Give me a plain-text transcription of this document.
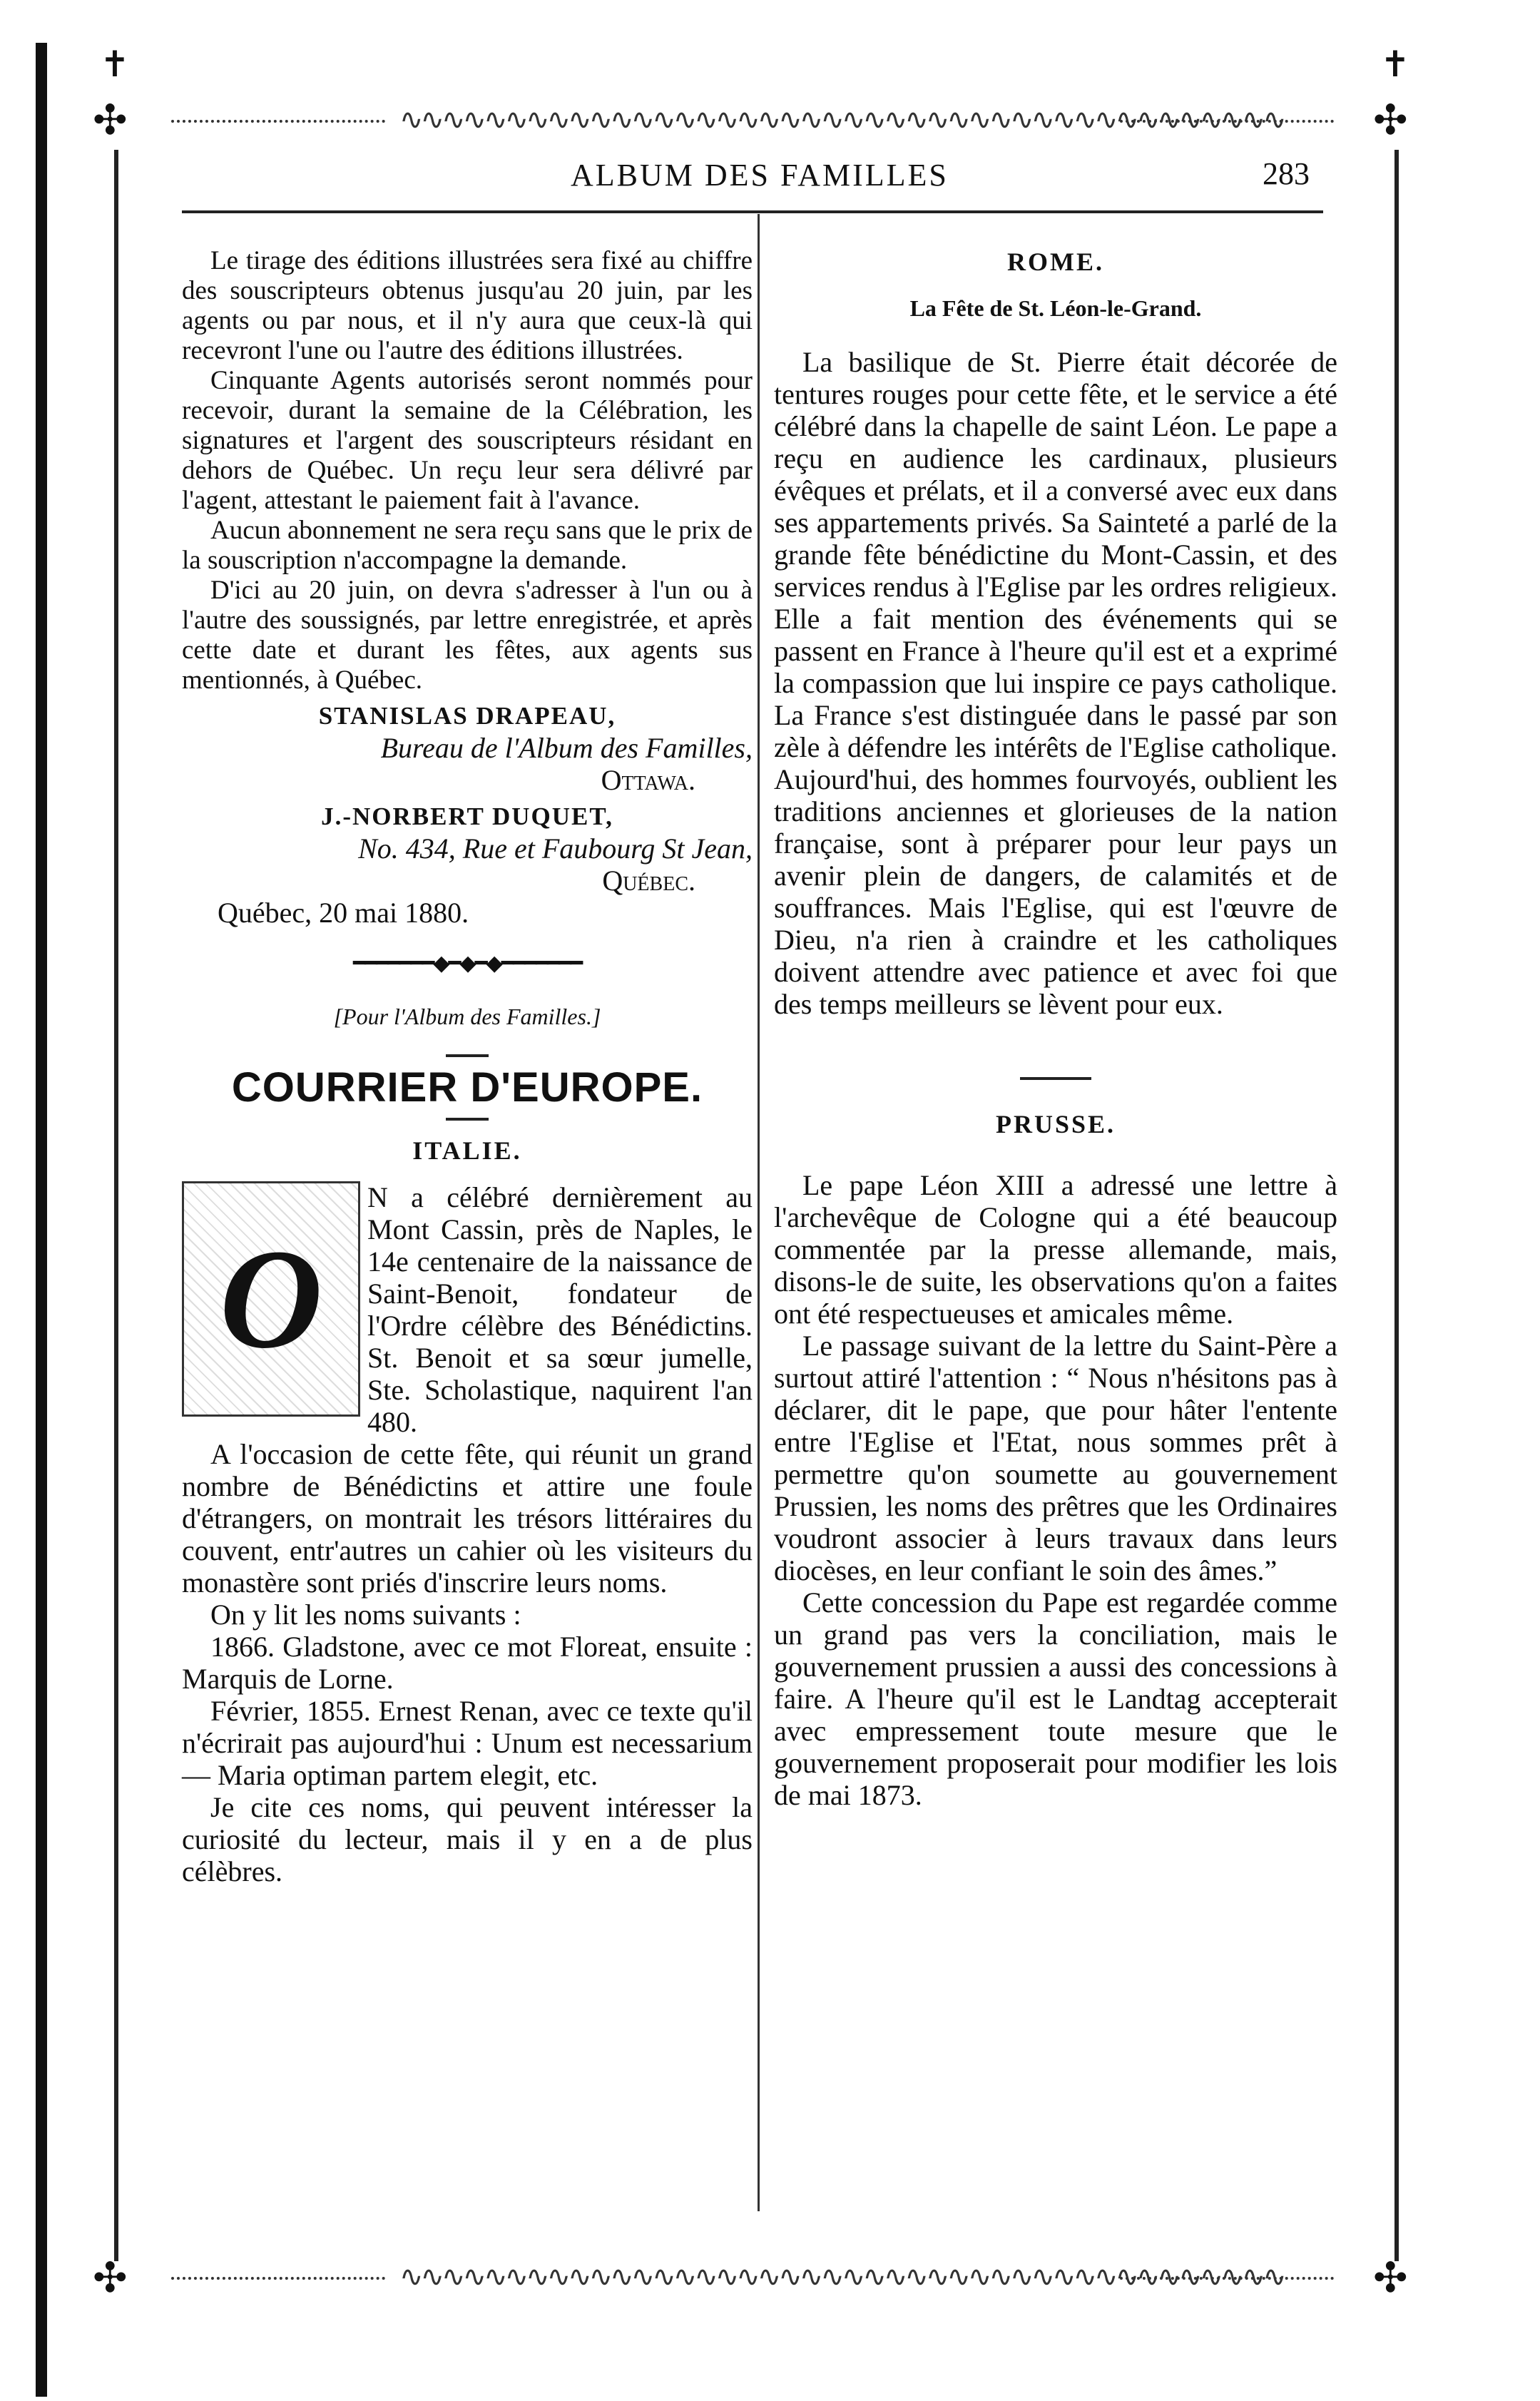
∿∿∿∿∿∿∿∿∿∿∿∿∿∿∿∿∿∿∿∿∿∿∿∿∿∿∿∿∿∿∿∿∿∿∿∿∿∿∿∿∿∿
∿∿∿∿∿∿∿∿∿∿∿∿∿∿∿∿∿∿∿∿∿∿∿∿∿∿∿∿∿∿∿∿∿∿∿∿∿∿∿∿∿∿
✣	✣
✣	✣
✝	✝
ALBUM DES FAMILLES	283

Le tirage des éditions illustrées sera fixé au chiffre des souscripteurs obtenus jusqu'au 20 juin, par les agents ou par nous, et il n'y aura que ceux-là qui recevront l'une ou l'autre des éditions illustrées.

Cinquante Agents autorisés seront nommés pour recevoir, durant la semaine de la Célébration, les signatures et l'argent des souscripteurs résidant en dehors de Québec. Un reçu leur sera délivré par l'agent, attestant le paiement fait à l'avance.

Aucun abonnement ne sera reçu sans que le prix de la souscription n'accompagne la demande.

D'ici au 20 juin, on devra s'adresser à l'un ou à l'autre des soussignés, par lettre enregistrée, et après cette date et durant les fêtes, aux agents sus mentionnés, à Québec.

STANISLAS DRAPEAU,
Bureau de l'Album des Familles,
Ottawa.
J.-NORBERT DUQUET,
No. 434, Rue et Faubourg St Jean,
Québec.
Québec, 20 mai 1880.
━━━━━━━◆━◆━◆━━━━━━━
[Pour l'Album des Familles.]
COURRIER D'EUROPE.
ITALIE.
O

N a célébré dernièrement au Mont Cassin, près de Naples, le 14e centenaire de la naissance de Saint-Benoit, fondateur de l'Ordre célèbre des Bénédictins. St. Benoit et sa sœur jumelle, Ste. Scholastique, naquirent l'an 480.

A l'occasion de cette fête, qui réunit un grand nombre de Bénédictins et attire une foule d'étrangers, on montrait les trésors littéraires du couvent, entr'autres un cahier où les visiteurs du monastère sont priés d'inscrire leurs noms.

On y lit les noms suivants :

1866. Gladstone, avec ce mot Floreat, ensuite : Marquis de Lorne.

Février, 1855. Ernest Renan, avec ce texte qu'il n'écrirait pas aujourd'hui : Unum est necessarium — Maria optiman partem elegit, etc.

Je cite ces noms, qui peuvent intéresser la curiosité du lecteur, mais il y en a de plus célèbres.

ROME.
La Fête de St. Léon-le-Grand.

La basilique de St. Pierre était décorée de tentures rouges pour cette fête, et le service a été célébré dans la chapelle de saint Léon. Le pape a reçu en audience les cardinaux, plusieurs évêques et prélats, et il a conversé avec eux dans ses appartements privés. Sa Sainteté a parlé de la grande fête bénédictine du Mont-Cassin, et des services rendus à l'Eglise par les ordres religieux. Elle a fait mention des événements qui se passent en France à l'heure qu'il est et a exprimé la compassion que lui inspire ce pays catholique. La France s'est distinguée dans le passé par son zèle à défendre les intérêts de l'Eglise catholique. Aujourd'hui, des hommes fourvoyés, oublient les traditions anciennes et glorieuses de la nation française, sont à préparer pour leur pays un avenir plein de dangers, de calamités et de souffrances. Mais l'Eglise, qui est l'œuvre de Dieu, n'a rien à craindre et les catholiques doivent attendre avec patience et avec foi que des temps meilleurs se lèvent pour eux.

PRUSSE.

Le pape Léon XIII a adressé une lettre à l'archevêque de Cologne qui a été beaucoup commentée par la presse allemande, mais, disons-le de suite, les observations qu'on a faites ont été respectueuses et amicales même.

Le passage suivant de la lettre du Saint-Père a surtout attiré l'attention : “ Nous n'hésitons pas à déclarer, dit le pape, que pour hâter l'entente entre l'Eglise et l'Etat, nous sommes prêt à permettre qu'on soumette au gouvernement Prussien, les noms des prêtres que les Ordinaires voudront associer à leurs travaux dans leurs diocèses, en leur confiant le soin des âmes.”

Cette concession du Pape est regardée comme un grand pas vers la conciliation, mais le gouvernement prussien a aussi des concessions à faire. A l'heure qu'il est le Landtag accepterait avec empressement toute mesure que le gouvernement proposerait pour modifier les lois de mai 1873.
